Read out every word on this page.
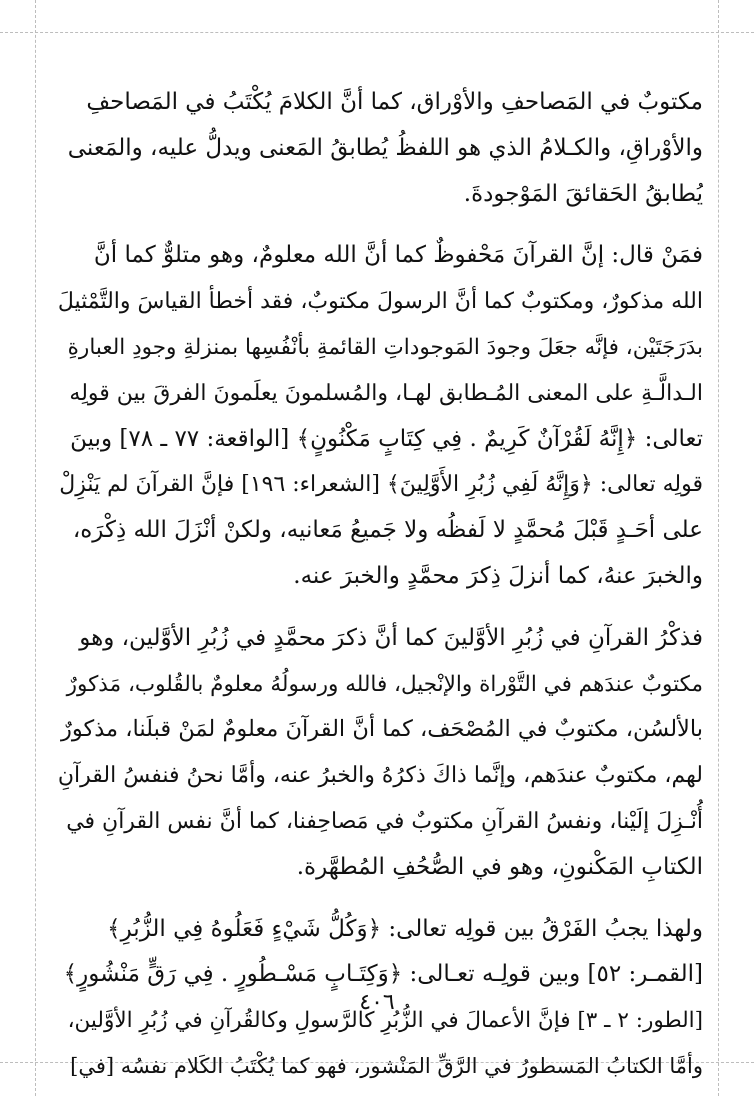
مكتوبٌ في المَصاحفِ والأوْراق، كما أنَّ الكلامَ يُكْتَبُ في المَصاحفِ
والأوْراقِ، والكـلامُ الذي هو اللفظُ يُطابقُ المَعنى ويدلُّ عليه، والمَعنى
يُطابقُ الحَقائقَ المَوْجودةَ.

فمَنْ قال: إنَّ القرآنَ مَحْفوظٌ كما أنَّ الله معلومٌ، وهو متلوٌّ كما أنَّ
الله مذكورٌ، ومكتوبٌ كما أنَّ الرسولَ مكتوبٌ، فقد أخطأ القياسَ والتَّمْثيلَ
بدَرَجَتَيْن، فإنَّه جعَلَ وجودَ المَوجوداتِ القائمةِ بأنْفُسِها بمنزلةِ وجودِ العبارةِ
الـدالَّـةِ على المعنى المُـطابق لهـا، والمُسلمونَ يعلَمونَ الفرقَ بين قولِه
تعالى: ﴿إِنَّهُ لَقُرْآنٌ كَرِيمٌ . فِي كِتَابٍ مَكْنُونٍ﴾ [الواقعة: ٧٧ ـ ٧٨] وبينَ
قولِه تعالى: ﴿وَإِنَّهُ لَفِي زُبُرِ الأَوَّلِينَ﴾ [الشعراء: ١٩٦] فإنَّ القرآنَ لم يَنْزِلْ
على أحَـدٍ قَبْلَ مُحمَّدٍ لا لَفظُه ولا جَميعُ مَعانيه، ولكنْ أنْزَلَ الله ذِكْرَه،
والخبرَ عنهُ، كما أنزلَ ذِكرَ محمَّدٍ والخبرَ عنه.

فذكْرُ القرآنِ في زُبُرِ الأوَّلينَ كما أنَّ ذكرَ محمَّدٍ في زُبُرِ الأوَّلين، وهو
مكتوبٌ عندَهم في التَّوْراة والإنْجيل، فالله ورسولُهُ معلومٌ بالقُلوب، مَذكورٌ
بالألسُن، مكتوبٌ في المُصْحَف، كما أنَّ القرآنَ معلومٌ لمَنْ قبلَنا، مذكورٌ
لهم، مكتوبٌ عندَهم، وإنَّما ذاكَ ذكرُهُ والخبرُ عنه، وأمَّا نحنُ فنفسُ القرآنِ
أُنْـزِلَ إلَيْنا، ونفسُ القرآنِ مكتوبٌ في مَصاحِفنا، كما أنَّ نفس القرآنِ في
الكتابِ المَكْنونِ، وهو في الصُّحُفِ المُطهَّرة.

ولهذا يجبُ الفَرْقُ بين قولِه تعالى: ﴿وَكُلُّ شَيْءٍ فَعَلُوهُ فِي الزُّبُرِ﴾
[القمـر: ٥٢] وبين قولِـه تعـالى: ﴿وَكِتَـابٍ مَسْـطُورٍ . فِي رَقٍّ مَنْشُورٍ﴾
[الطور: ٢ ـ ٣] فإنَّ الأعمالَ في الزُّبُرِ كالرَّسولِ وكالقُرآنِ في زُبُرِ الأوَّلين،
وأمَّا الكتابُ المَسطورُ في الرَّقِّ المَنْشور، فهو كما يُكْتَبُ الكَلام نفسُه [في]

٤٠٦
